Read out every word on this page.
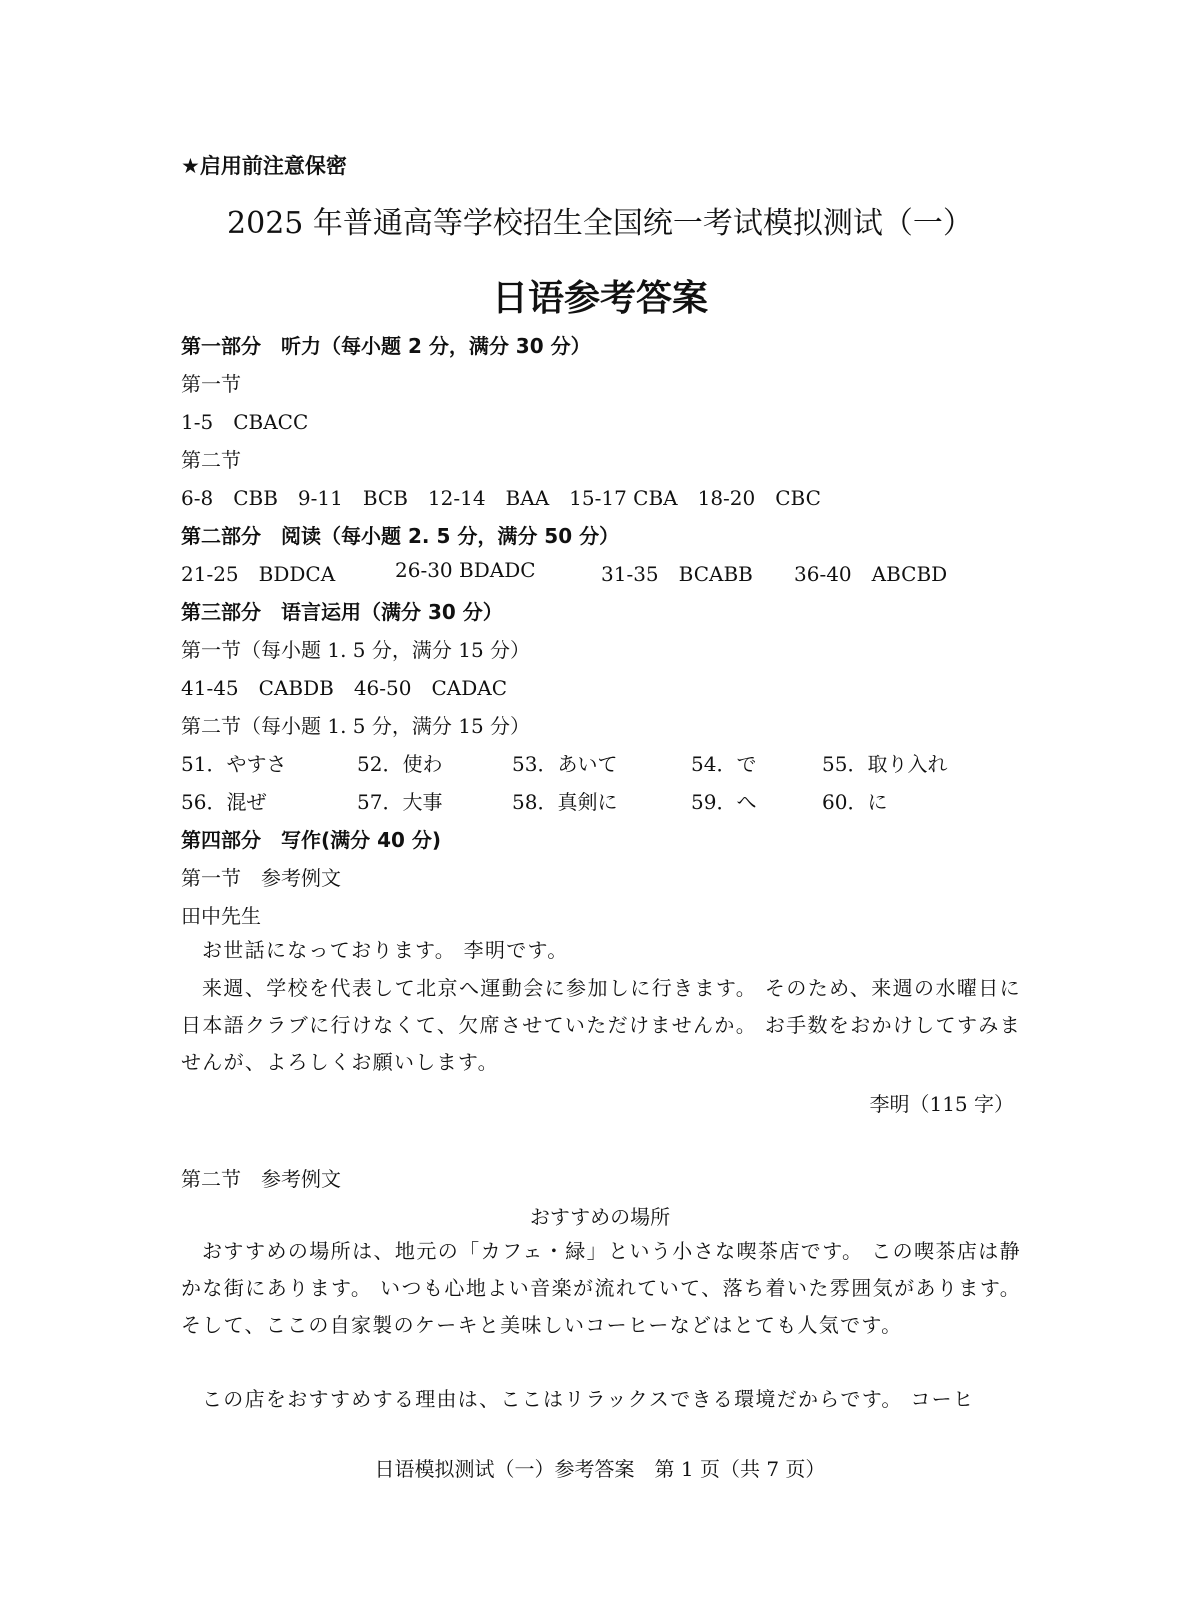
★启用前注意保密
2025 年普通高等学校招生全国统一考试模拟测试（一）
日语参考答案
第一部分　听力（每小题 2 分，满分 30 分）
第一节
1-5　CBACC
第二节
6-8　CBB　9-11　BCB　12-14　BAA　15-17 CBA　18-20　CBC
第二部分　阅读（每小题 2. 5 分，满分 50 分）
21-25　BDDCA	26-30 BDADC	31-35　BCABB 36-40　ABCBD
第三部分　语言运用（满分 30 分）
第一节（每小题 1. 5 分，满分 15 分）
41-45　CABDB　46-50　CADAC
第二节（每小题 1. 5 分，满分 15 分）
51．やすさ	52．使わ	53．あいて	54．で	55．取り入れ
56．混ぜ	57．大事	58．真剣に	59．へ	60．に
第四部分　写作(满分 40 分)
第一节　参考例文
田中先生
お世話になっております。 李明です。
来週、学校を代表して北京へ運動会に参加しに行きます。 そのため、来週の水曜日に日本語クラブに行けなくて、欠席させていただけませんか。 お手数をおかけしてすみませんが、よろしくお願いします。
李明（115 字）
第二节　参考例文
おすすめの場所
おすすめの場所は、地元の「カフェ・緑」という小さな喫茶店です。 この喫茶店は静かな街にあります。 いつも心地よい音楽が流れていて、落ち着いた雰囲気があります。 そして、ここの自家製のケーキと美味しいコーヒーなどはとても人気です。
この店をおすすめする理由は、ここはリラックスできる環境だからです。 コーヒ
日语模拟测试（一）参考答案　第 1 页（共 7 页）
